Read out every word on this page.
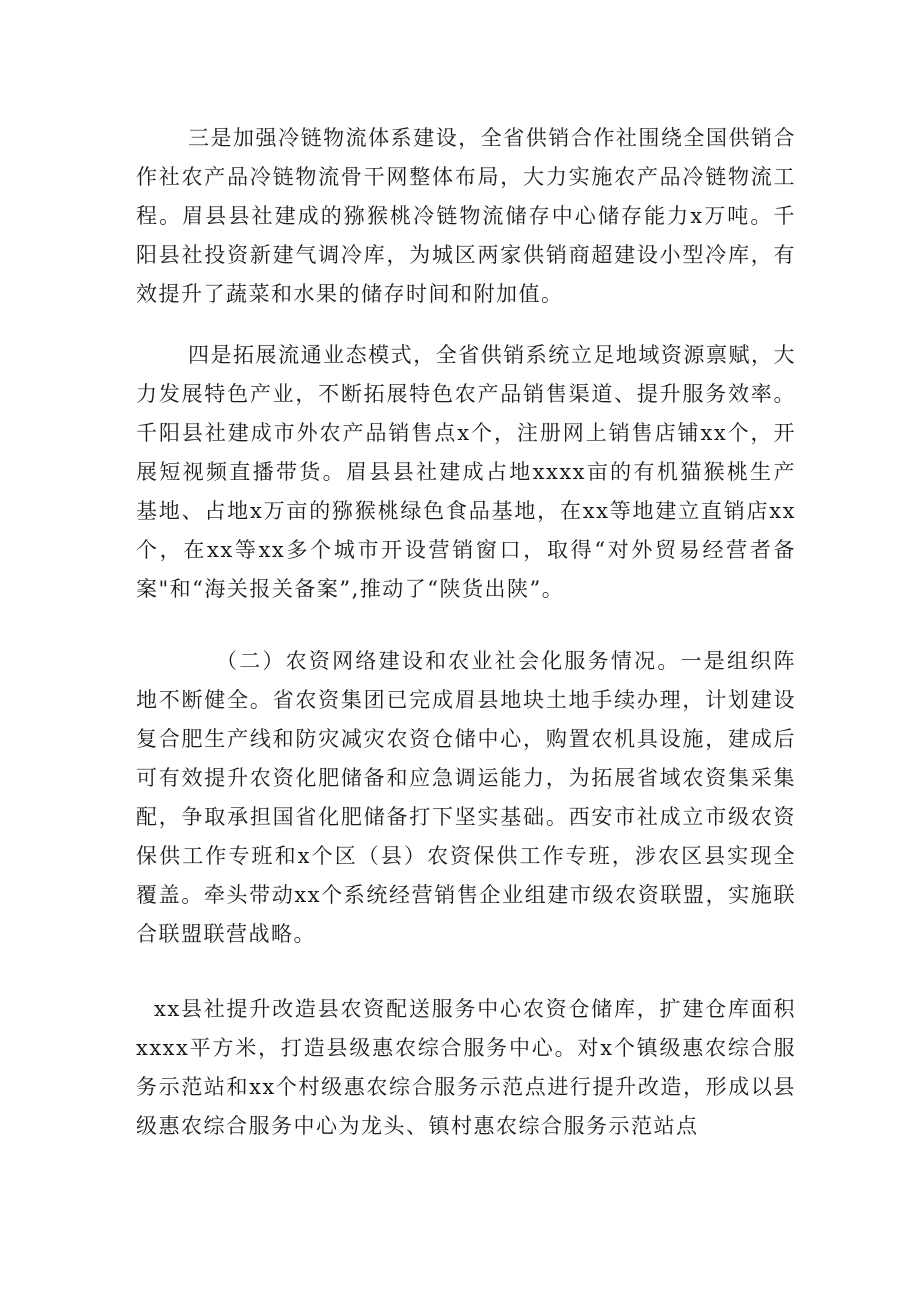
三是加强冷链物流体系建设，全省供销合作社围绕全国供销合作社农产品冷链物流骨干网整体布局，大力实施农产品冷链物流工程。眉县县社建成的猕猴桃冷链物流储存中心储存能力x万吨。千阳县社投资新建气调冷库，为城区两家供销商超建设小型冷库，有效提升了蔬菜和水果的储存时间和附加值。

四是拓展流通业态模式，全省供销系统立足地域资源禀赋，大力发展特色产业，不断拓展特色农产品销售渠道、提升服务效率。千阳县社建成市外农产品销售点x个，注册网上销售店铺xx个，开展短视频直播带货。眉县县社建成占地xxxx亩的有机猫猴桃生产基地、占地x万亩的猕猴桃绿色食品基地，在xx等地建立直销店xx个，在xx等xx多个城市开设营销窗口，取得“对外贸易经营者备案"和“海关报关备案”,推动了“陕货出陕”。

（二）农资网络建设和农业社会化服务情况。一是组织阵地不断健全。省农资集团已完成眉县地块土地手续办理，计划建设复合肥生产线和防灾减灾农资仓储中心，购置农机具设施，建成后可有效提升农资化肥储备和应急调运能力，为拓展省域农资集采集配，争取承担国省化肥储备打下坚实基础。西安市社成立市级农资保供工作专班和x个区（县）农资保供工作专班，涉农区县实现全覆盖。牵头带动xx个系统经营销售企业组建市级农资联盟，实施联合联盟联营战略。

xx县社提升改造县农资配送服务中心农资仓储库，扩建仓库面积xxxx平方米，打造县级惠农综合服务中心。对x个镇级惠农综合服务示范站和xx个村级惠农综合服务示范点进行提升改造，形成以县级惠农综合服务中心为龙头、镇村惠农综合服务示范站点
